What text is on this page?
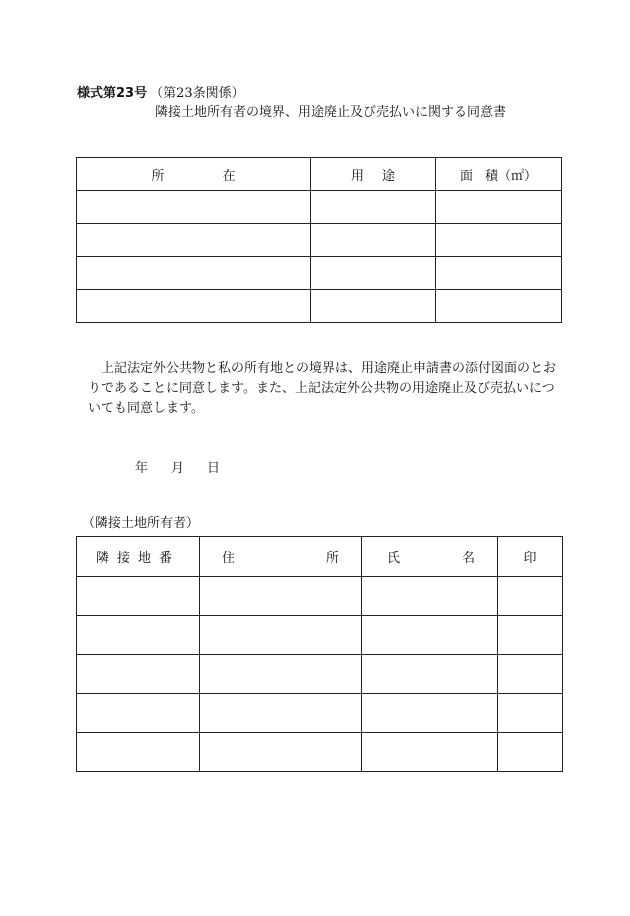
様式第23号 （第23条関係）
隣接土地所有者の境界、用途廃止及び売払いに関する同意書
所 在	用 途	面 積（㎡）

上記法定外公共物と私の所有地との境界は、用途廃止申請書の添付図面のとおりであることに同意します。また、上記法定外公共物の用途廃止及び売払いについても同意します。

年 月 日
（隣接土地所有者）
隣接地番	住 所	氏 名	印
